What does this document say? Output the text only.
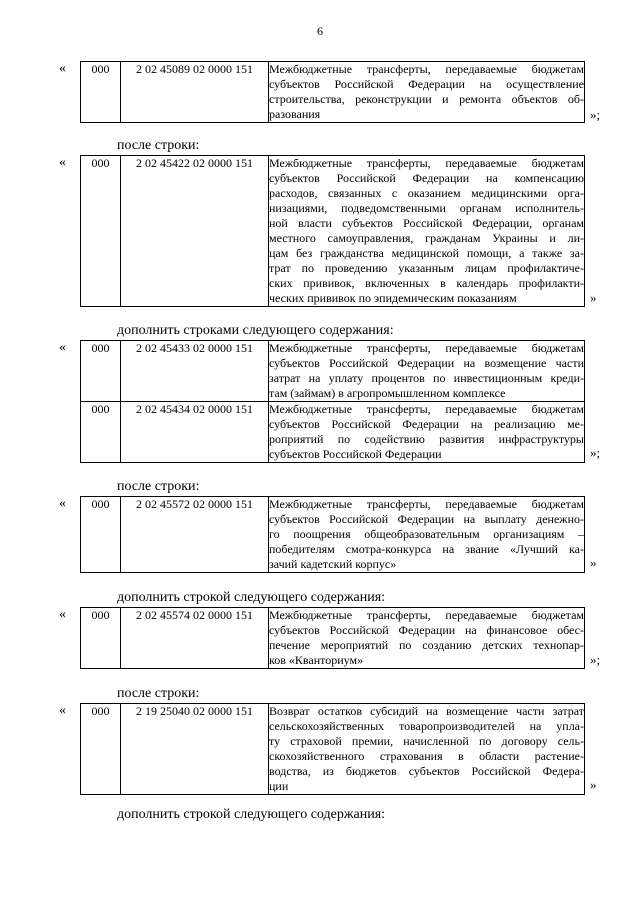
6
« 000	2 02 45089 02 0000 151	Межбюджетные трансферты, передаваемые бюджетам
субъектов Российской Федерации на осуществление
строительства, реконструкции и ремонта объектов об-
разования	»;
после строки:
« 000	2 02 45422 02 0000 151	Межбюджетные трансферты, передаваемые бюджетам
субъектов Российской Федерации на компенсацию
расходов, связанных с оказанием медицинскими орга-
низациями, подведомственными органам исполнитель-
ной власти субъектов Российской Федерации, органам
местного самоуправления, гражданам Украины и ли-
цам без гражданства медицинской помощи, а также за-
трат по проведению указанным лицам профилактиче-
ских прививок, включенных в календарь профилакти-
ческих прививок по эпидемическим показаниям	»
дополнить строками следующего содержания:
« 000	2 02 45433 02 0000 151	Межбюджетные трансферты, передаваемые бюджетам
субъектов Российской Федерации на возмещение части
затрат на уплату процентов по инвестиционным креди-
там (займам) в агропромышленном комплексе

000	2 02 45434 02 0000 151	Межбюджетные трансферты, передаваемые бюджетам
субъектов Российской Федерации на реализацию ме-
роприятий по содействию развития инфраструктуры
субъектов Российской Федерации	»;
после строки:
« 000	2 02 45572 02 0000 151	Межбюджетные трансферты, передаваемые бюджетам
субъектов Российской Федерации на выплату денежно-
го поощрения общеобразовательным организациям –
победителям смотра-конкурса на звание «Лучший ка-
зачий кадетский корпус»	»
дополнить строкой следующего содержания:
« 000	2 02 45574 02 0000 151	Межбюджетные трансферты, передаваемые бюджетам
субъектов Российской Федерации на финансовое обес-
печение мероприятий по созданию детских технопар-
ков «Кванториум»	»;
после строки:
« 000	2 19 25040 02 0000 151	Возврат остатков субсидий на возмещение части затрат
сельскохозяйственных товаропроизводителей на упла-
ту страховой премии, начисленной по договору сель-
скохозяйственного страхования в области растение-
водства, из бюджетов субъектов Российской Федера-
ции	»
дополнить строкой следующего содержания:
